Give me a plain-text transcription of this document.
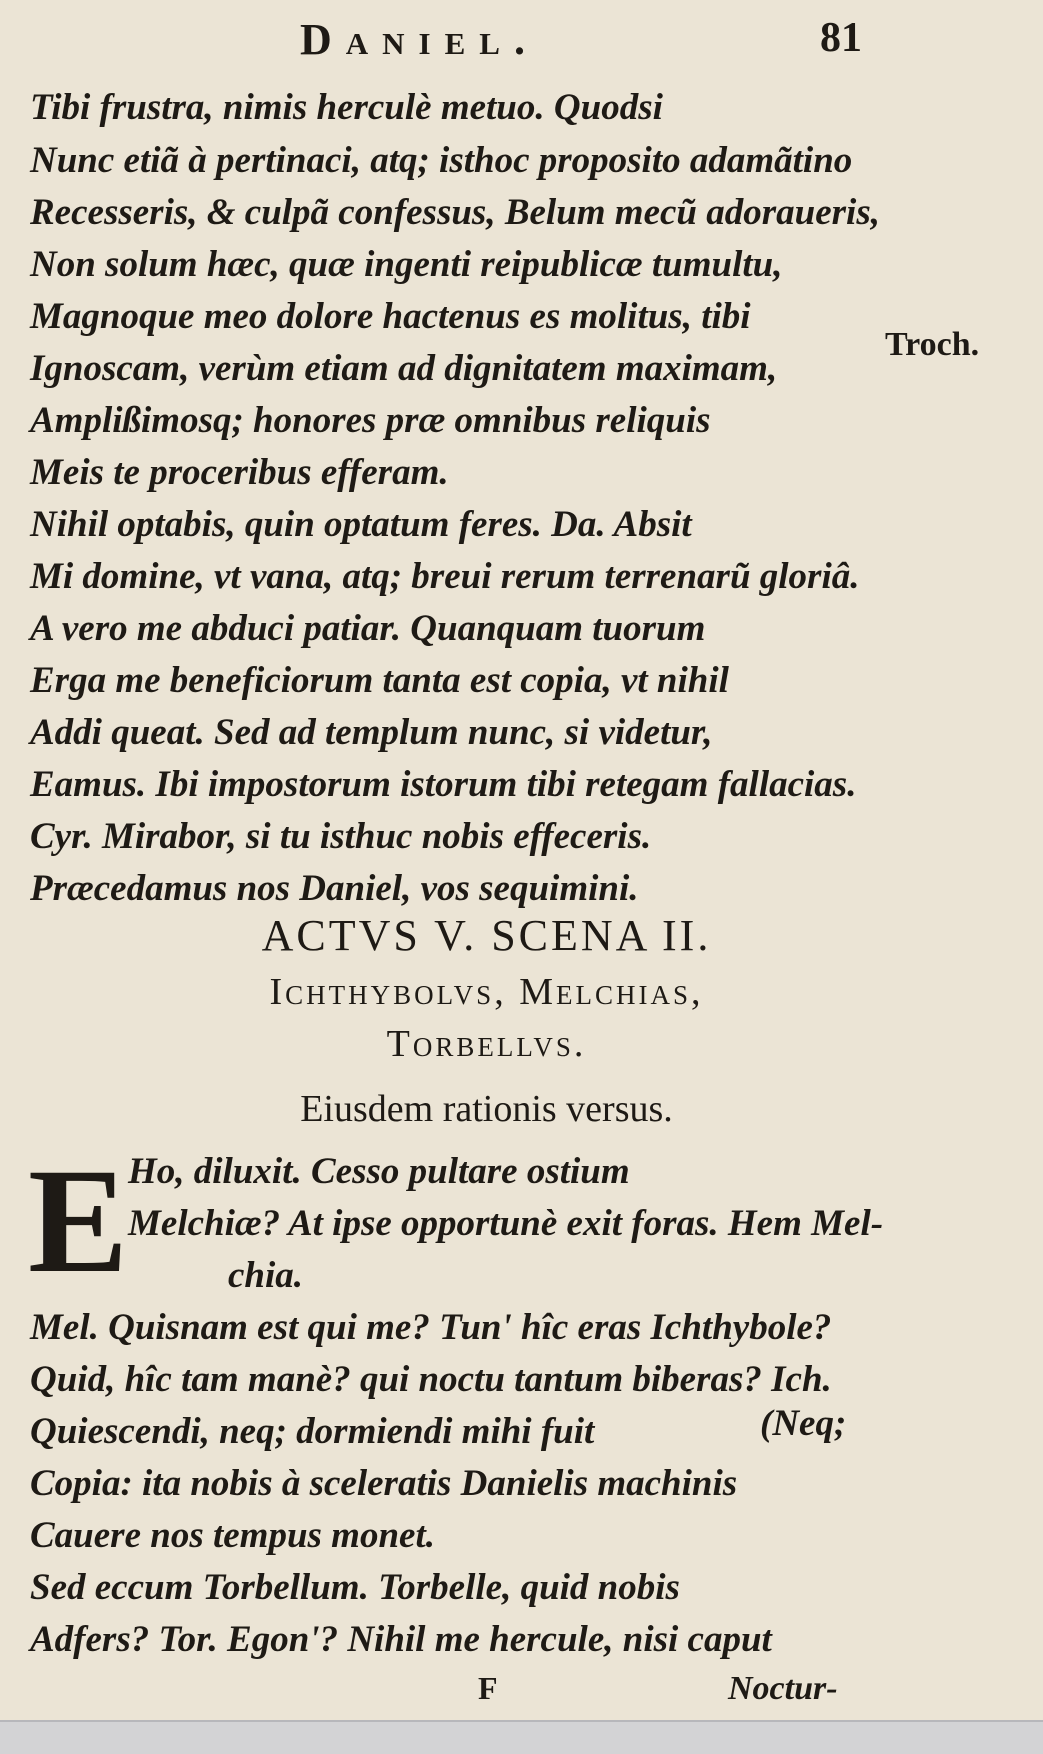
Daniel.	81
Tibi frustra, nimis herculè metuo. Quodsi
Nunc etiã à pertinaci, atq; isthoc proposito adamãtino
Recesseris, & culpã confessus, Belum mecũ adoraueris,
Non solum hæc, quæ ingenti reipublicæ tumultu,
Magnoque meo dolore hactenus es molitus, tibi
Ignoscam, verùm etiam ad dignitatem maximam,
Amplißimosq; honores præ omnibus reliquis
Meis te proceribus efferam.
Nihil optabis, quin optatum feres. Da. Absit
Mi domine, vt vana, atq; breui rerum terrenarũ gloriâ.
A vero me abduci patiar. Quanquam tuorum
Erga me beneficiorum tanta est copia, vt nihil
Addi queat. Sed ad templum nunc, si videtur,
Eamus. Ibi impostorum istorum tibi retegam fallacias.
Cyr. Mirabor, si tu isthuc nobis effeceris.
Præcedamus nos Daniel, vos sequimini.
Troch.
ACTVS V. SCENA II.
Ichthybolvs, Melchias,
Torbellvs.
Eiusdem rationis versus.
E Ho, diluxit. Cesso pultare ostium
Melchiæ? At ipse opportunè exit foras. Hem Mel-
chia.
Mel. Quisnam est qui me? Tun' hîc eras Ichthybole?
Quid, hîc tam manè? qui noctu tantum biberas? Ich.
Quiescendi, neq; dormiendi mihi fuit
Copia: ita nobis à sceleratis Danielis machinis
Cauere nos tempus monet.
Sed eccum Torbellum. Torbelle, quid nobis
Adfers? Tor. Egon'? Nihil me hercule, nisi caput
(Neq;
F	Noctur-
